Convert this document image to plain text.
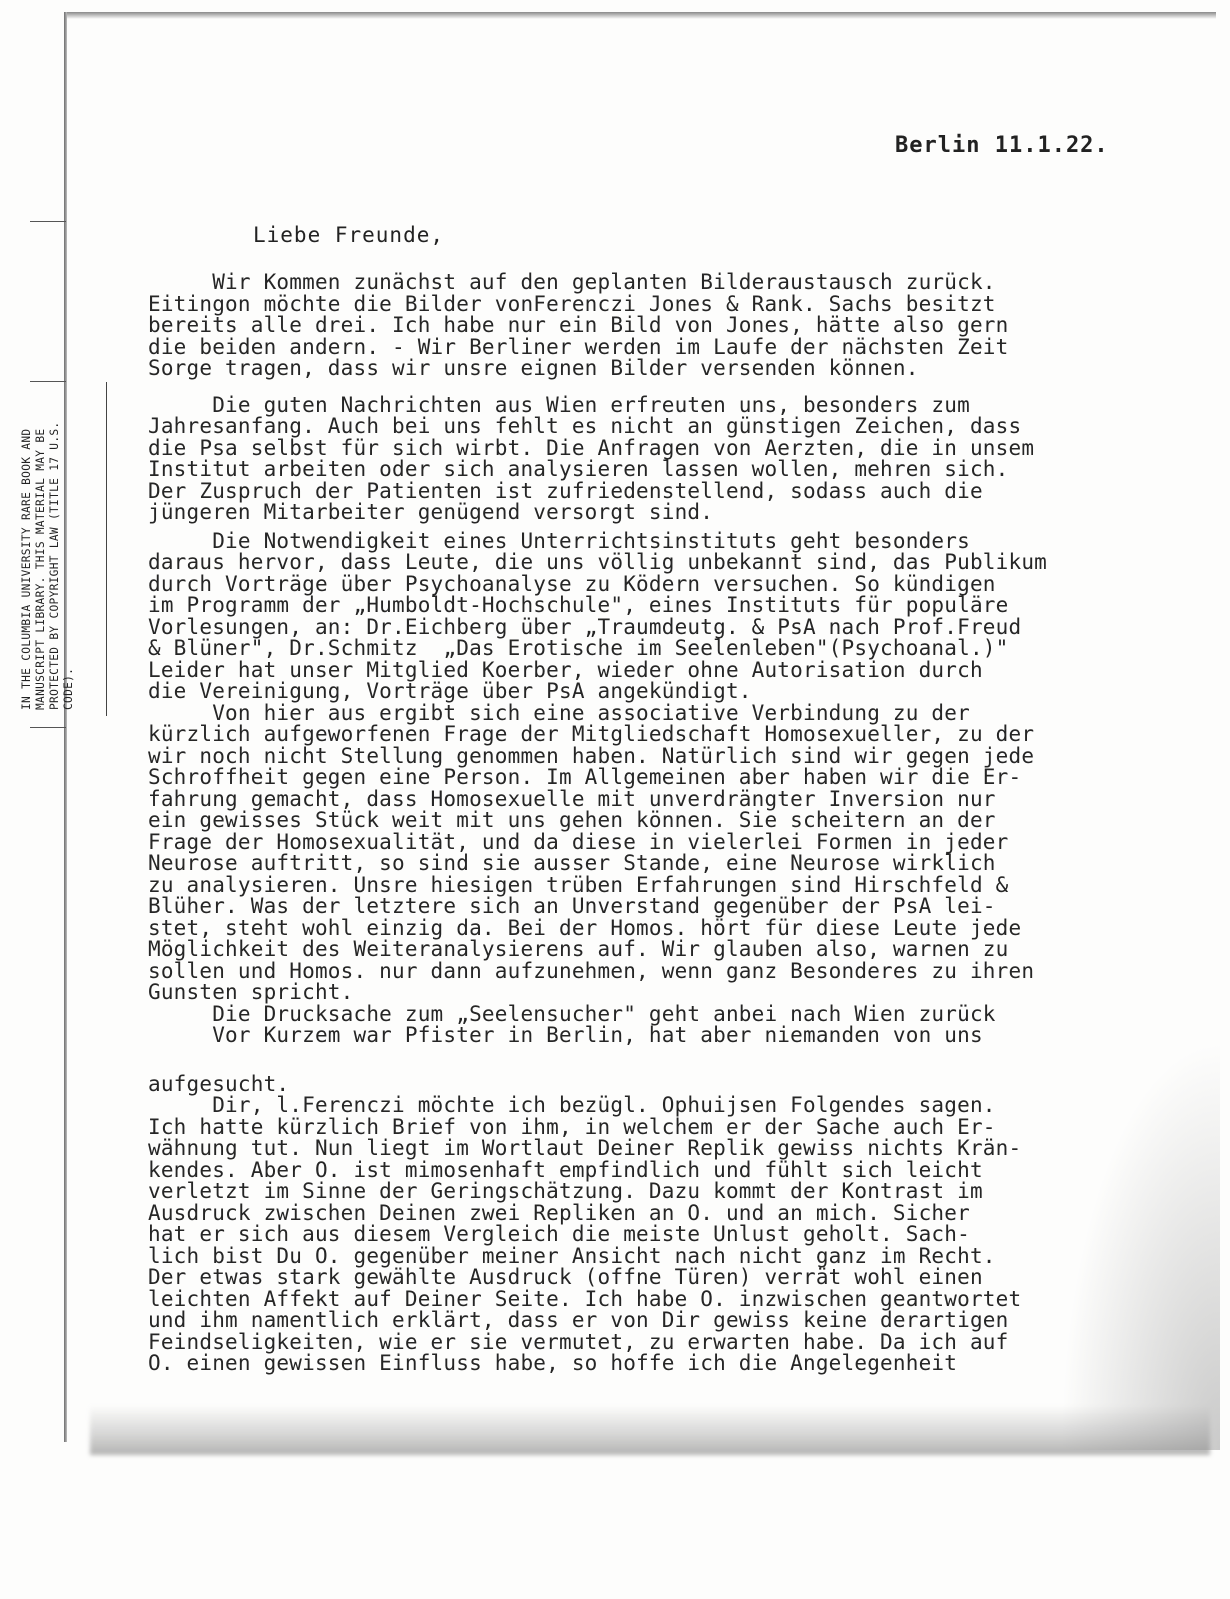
IN THE COLUMBIA UNIVERSITY RARE BOOK AND
MANUSCRIPT LIBRARY. THIS MATERIAL MAY BE
PROTECTED BY COPYRIGHT LAW (TITLE 17 U.S.
CODE).

Berlin 11.1.22.
Liebe Freunde,
Wir Kommen zunächst auf den geplanten Bilderaustausch zurück.
Eitingon möchte die Bilder vonFerenczi Jones & Rank. Sachs besitzt
bereits alle drei. Ich habe nur ein Bild von Jones, hätte also gern
die beiden andern. - Wir Berliner werden im Laufe der nächsten Zeit
Sorge tragen, dass wir unsre eignen Bilder versenden können.
Die guten Nachrichten aus Wien erfreuten uns, besonders zum
Jahresanfang. Auch bei uns fehlt es nicht an günstigen Zeichen, dass
die Psa selbst für sich wirbt. Die Anfragen von Aerzten, die in unsem
Institut arbeiten oder sich analysieren lassen wollen, mehren sich.
Der Zuspruch der Patienten ist zufriedenstellend, sodass auch die
jüngeren Mitarbeiter genügend versorgt sind.
Die Notwendigkeit eines Unterrichtsinstituts geht besonders
daraus hervor, dass Leute, die uns völlig unbekannt sind, das Publikum
durch Vorträge über Psychoanalyse zu Ködern versuchen. So kündigen
im Programm der „Humboldt-Hochschule", eines Instituts für populäre
Vorlesungen, an: Dr.Eichberg über „Traumdeutg. & PsA nach Prof.Freud
& Blüner", Dr.Schmitz  „Das Erotische im Seelenleben"(Psychoanal.)"
Leider hat unser Mitglied Koerber, wieder ohne Autorisation durch
die Vereinigung, Vorträge über PsA angekündigt.
Von hier aus ergibt sich eine associative Verbindung zu der
kürzlich aufgeworfenen Frage der Mitgliedschaft Homosexueller, zu der
wir noch nicht Stellung genommen haben. Natürlich sind wir gegen jede
Schroffheit gegen eine Person. Im Allgemeinen aber haben wir die Er-
fahrung gemacht, dass Homosexuelle mit unverdrängter Inversion nur
ein gewisses Stück weit mit uns gehen können. Sie scheitern an der
Frage der Homosexualität, und da diese in vielerlei Formen in jeder
Neurose auftritt, so sind sie ausser Stande, eine Neurose wirklich
zu analysieren. Unsre hiesigen trüben Erfahrungen sind Hirschfeld &
Blüher. Was der letztere sich an Unverstand gegenüber der PsA lei-
stet, steht wohl einzig da. Bei der Homos. hört für diese Leute jede
Möglichkeit des Weiteranalysierens auf. Wir glauben also, warnen zu
sollen und Homos. nur dann aufzunehmen, wenn ganz Besonderes zu ihren
Gunsten spricht.
Die Drucksache zum „Seelensucher" geht anbei nach Wien zurück
Vor Kurzem war Pfister in Berlin, hat aber niemanden von uns
aufgesucht.
Dir, l.Ferenczi möchte ich bezügl. Ophuijsen Folgendes sagen.
Ich hatte kürzlich Brief von ihm, in welchem er der Sache auch Er-
wähnung tut. Nun liegt im Wortlaut Deiner Replik gewiss nichts Krän-
kendes. Aber O. ist mimosenhaft empfindlich und fühlt sich leicht
verletzt im Sinne der Geringschätzung. Dazu kommt der Kontrast im
Ausdruck zwischen Deinen zwei Repliken an O. und an mich. Sicher
hat er sich aus diesem Vergleich die meiste Unlust geholt. Sach-
lich bist Du O. gegenüber meiner Ansicht nach nicht ganz im Recht.
Der etwas stark gewählte Ausdruck (offne Türen) verrät wohl einen
leichten Affekt auf Deiner Seite. Ich habe O. inzwischen geantwortet
und ihm namentlich erklärt, dass er von Dir gewiss keine derartigen
Feindseligkeiten, wie er sie vermutet, zu erwarten habe. Da ich auf
O. einen gewissen Einfluss habe, so hoffe ich die Angelegenheit
